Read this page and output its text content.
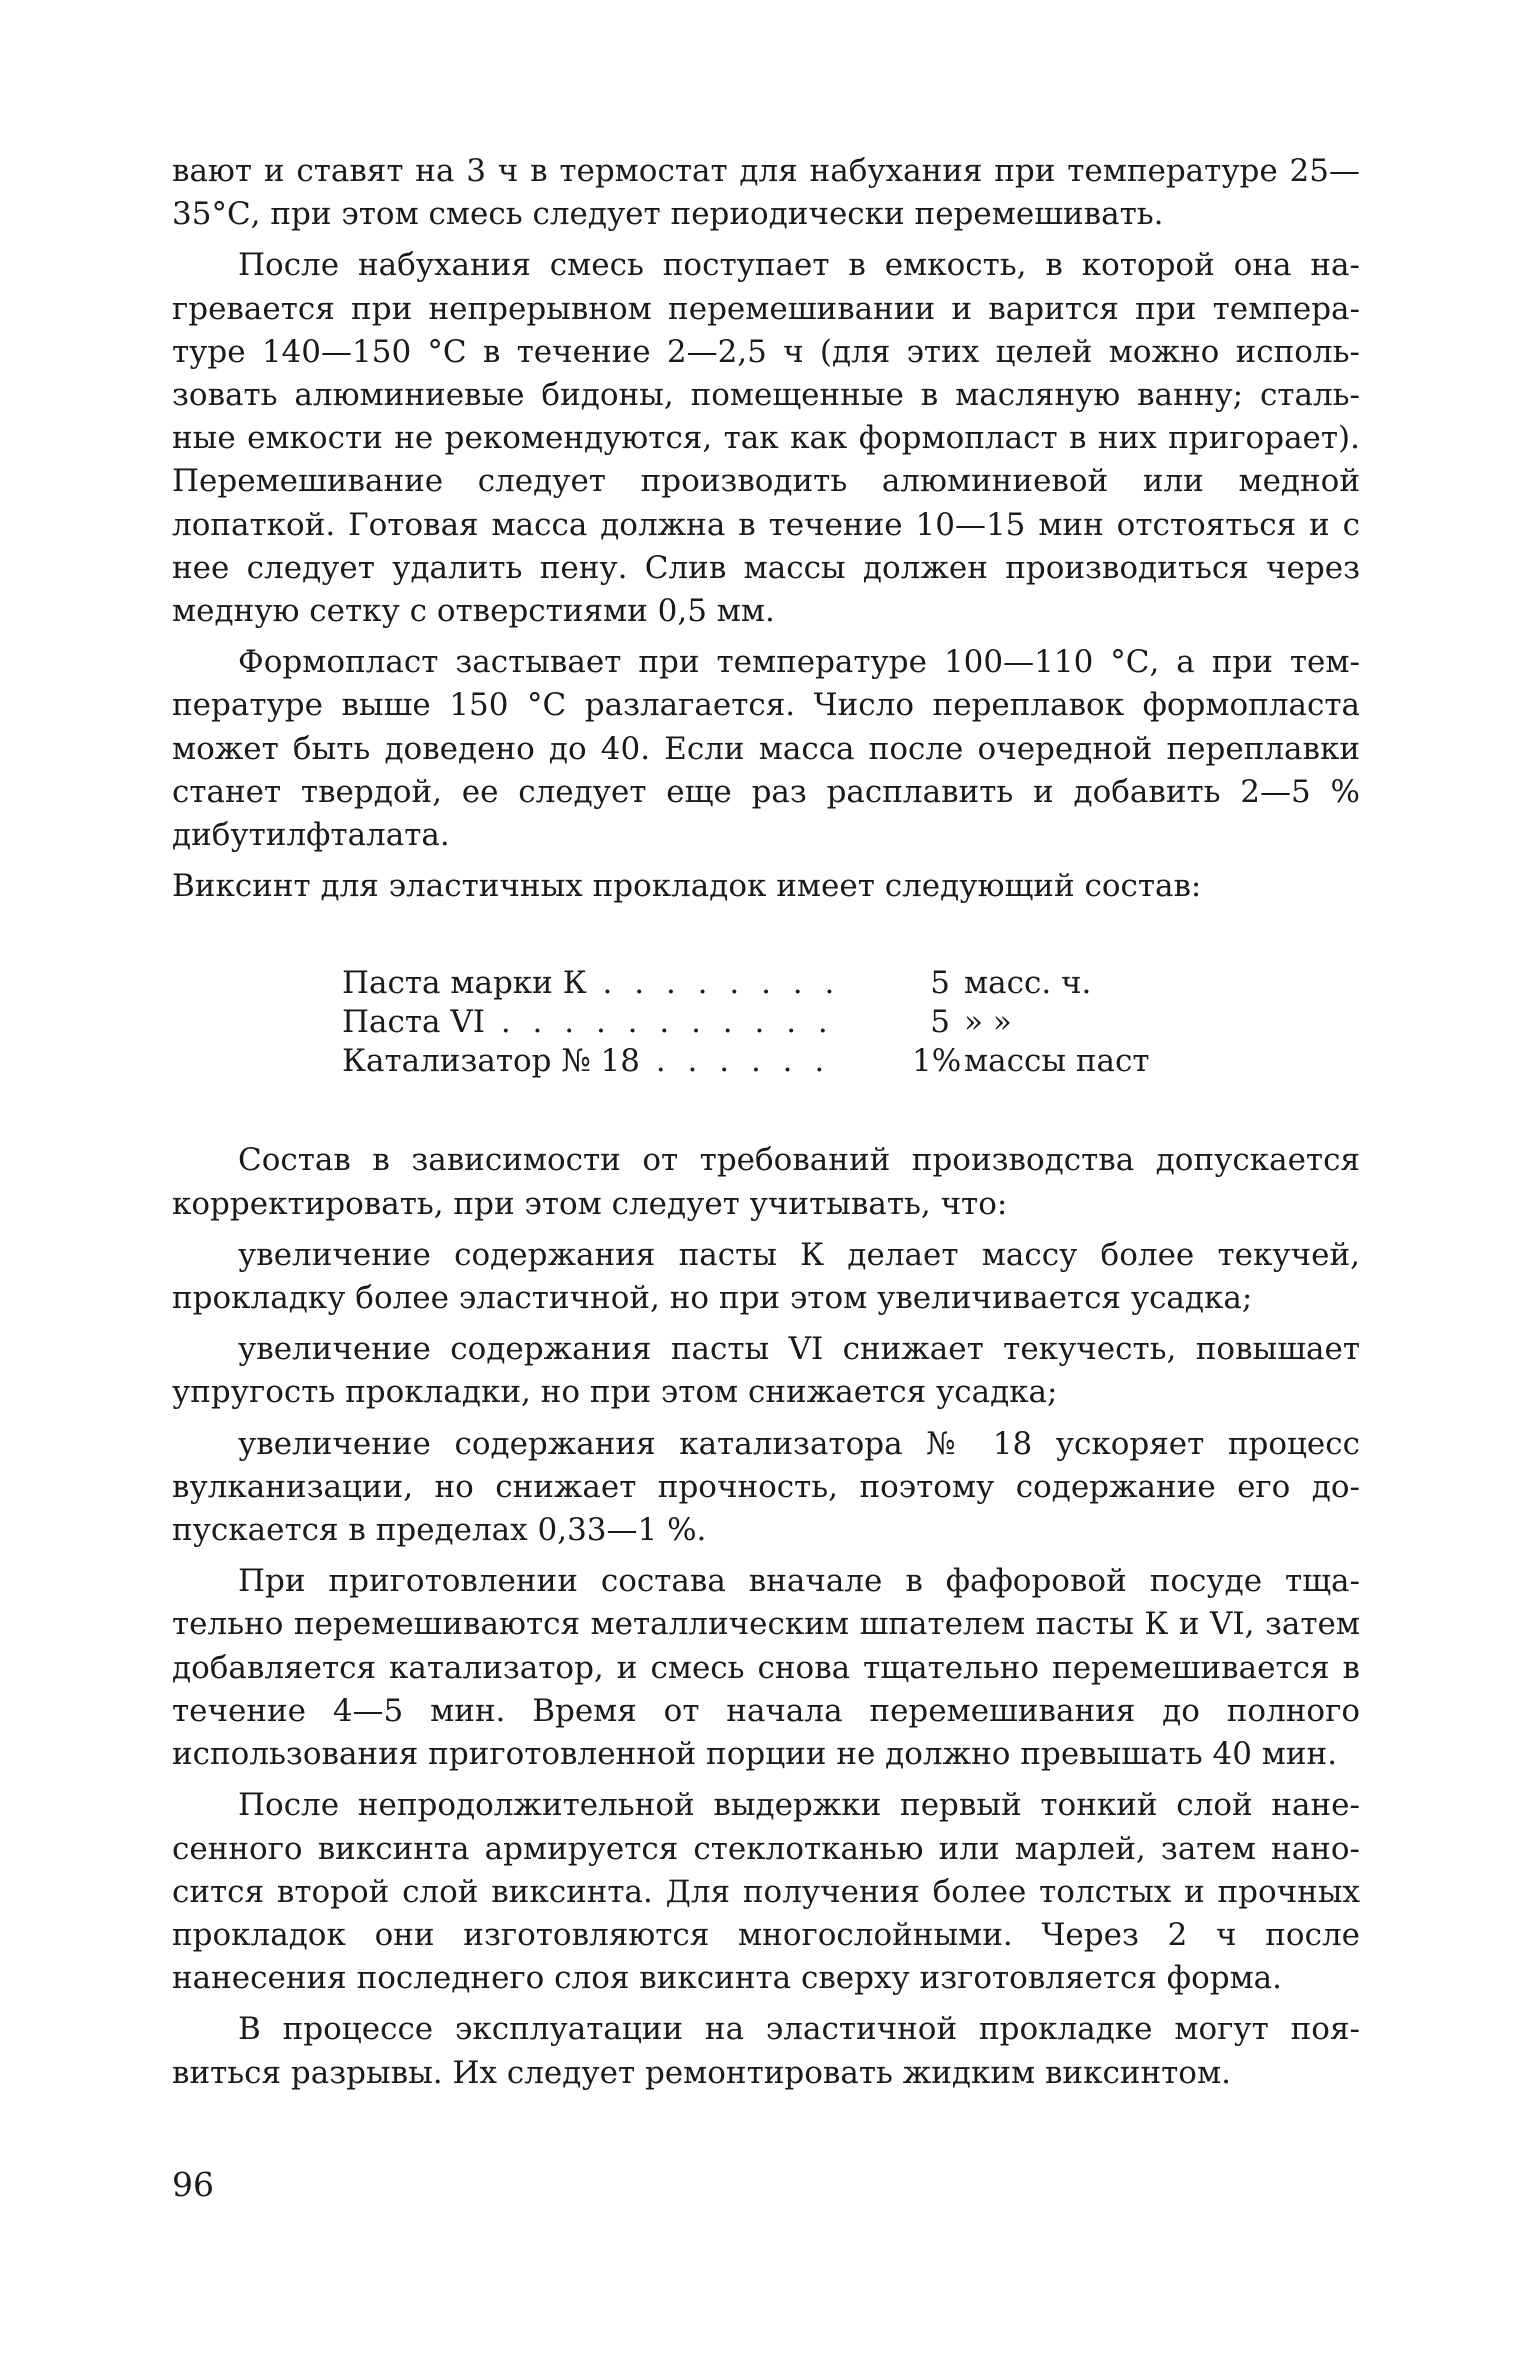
вают и ставят на 3 ч в термостат для набухания при температуре 25—35°С, при этом смесь следует периодически перемешивать.

После набухания смесь поступает в емкость, в которой она нагревается при непрерывном перемешивании и варится при температуре 140—150 °С в течение 2—2,5 ч (для этих целей можно использовать алюминиевые бидоны, помещенные в масляную ванну; стальные емкости не рекомендуются, так как формопласт в них пригорает). Перемешивание следует производить алюминиевой или медной лопаткой. Готовая масса должна в течение 10—15 мин отстояться и с нее следует удалить пену. Слив массы должен производиться через медную сетку с отверстиями 0,5 мм.

Формопласт застывает при температуре 100—110 °С, а при температуре выше 150 °С разлагается. Число переплавок формопласта может быть доведено до 40. Если масса после очередной переплавки станет твердой, ее следует еще раз расплавить и добавить 2—5 % дибутилфталата.

Виксинт для эластичных прокладок имеет следующий состав:

Паста марки К . . . . . . . .	5 масс. ч.
Паста VI . . . . . . . . . . .	5 » »
Катализатор № 18 . . . . . .	1% массы паст

Состав в зависимости от требований производства допускается корректировать, при этом следует учитывать, что:

увеличение содержания пасты К делает массу более текучей, прокладку более эластичной, но при этом увеличивается усадка;

увеличение содержания пасты VI снижает текучесть, повышает упругость прокладки, но при этом снижается усадка;

увеличение содержания катализатора № 18 ускоряет процесс вулканизации, но снижает прочность, поэтому содержание его допускается в пределах 0,33—1 %.

При приготовлении состава вначале в фафоровой посуде тщательно перемешиваются металлическим шпателем пасты К и VI, затем добавляется катализатор, и смесь снова тщательно перемешивается в течение 4—5 мин. Время от начала перемешивания до полного использования приготовленной порции не должно превышать 40 мин.

После непродолжительной выдержки первый тонкий слой нанесенного виксинта армируется стеклотканью или марлей, затем наносится второй слой виксинта. Для получения более толстых и прочных прокладок они изготовляются многослойными. Через 2 ч после нанесения последнего слоя виксинта сверху изготовляется форма.

В процессе эксплуатации на эластичной прокладке могут появиться разрывы. Их следует ремонтировать жидким виксинтом.

96
